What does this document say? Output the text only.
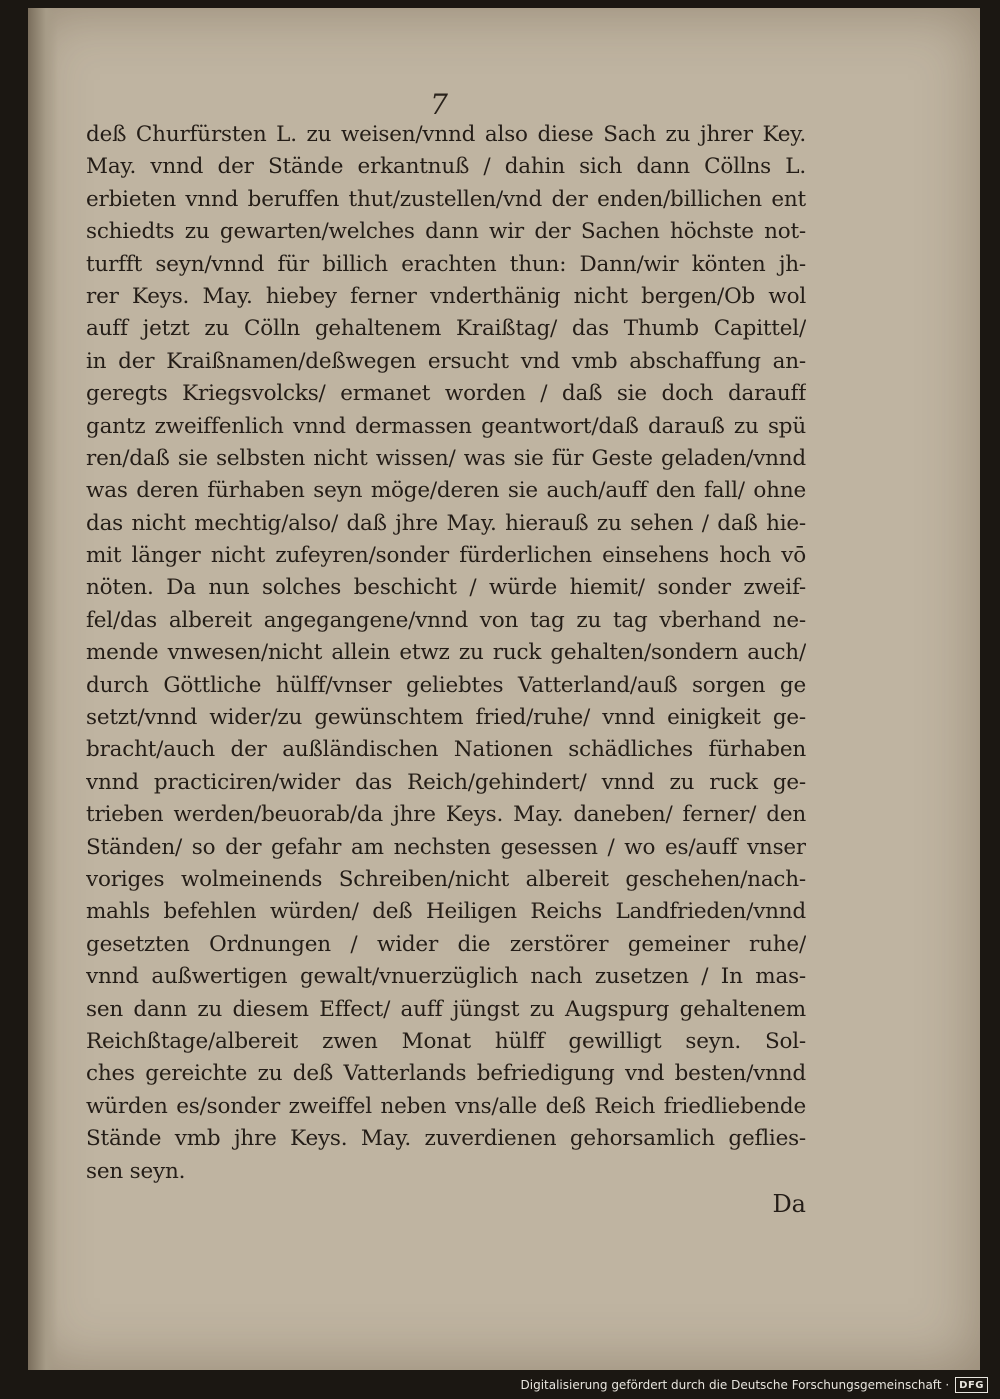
7
deß Churfürsten L. zu weisen/vnnd also diese Sach zu jhrer Key.
May. vnnd der Stände erkantnuß / dahin sich dann Cöllns L.
erbieten vnnd beruffen thut/zustellen/vnd der enden/billichen ent
schiedts zu gewarten/welches dann wir der Sachen höchste not-
turfft seyn/vnnd für billich erachten thun: Dann/wir könten jh-
rer Keys. May. hiebey ferner vnderthänig nicht bergen/Ob wol
auff jetzt zu Cölln gehaltenem Kraißtag/ das Thumb Capittel/
in der Kraißnamen/deßwegen ersucht vnd vmb abschaffung an-
geregts Kriegsvolcks/ ermanet worden / daß sie doch darauff
gantz zweiffenlich vnnd dermassen geantwort/daß darauß zu spü
ren/daß sie selbsten nicht wissen/ was sie für Geste geladen/vnnd
was deren fürhaben seyn möge/deren sie auch/auff den fall/ ohne
das nicht mechtig/also/ daß jhre May. hierauß zu sehen / daß hie-
mit länger nicht zufeyren/sonder fürderlichen einsehens hoch vō
nöten. Da nun solches beschicht / würde hiemit/ sonder zweif-
fel/das albereit angegangene/vnnd von tag zu tag vberhand ne-
mende vnwesen/nicht allein etwz zu ruck gehalten/sondern auch/
durch Göttliche hülff/vnser geliebtes Vatterland/auß sorgen ge
setzt/vnnd wider/zu gewünschtem fried/ruhe/ vnnd einigkeit ge-
bracht/auch der außländischen Nationen schädliches fürhaben
vnnd practiciren/wider das Reich/gehindert/ vnnd zu ruck ge-
trieben werden/beuorab/da jhre Keys. May. daneben/ ferner/ den
Ständen/ so der gefahr am nechsten gesessen / wo es/auff vnser
voriges wolmeinends Schreiben/nicht albereit geschehen/nach-
mahls befehlen würden/ deß Heiligen Reichs Landfrieden/vnnd
gesetzten Ordnungen / wider die zerstörer gemeiner ruhe/
vnnd außwertigen gewalt/vnuerzüglich nach zusetzen / In mas-
sen dann zu diesem Effect/ auff jüngst zu Augspurg gehaltenem
Reichßtage/albereit zwen Monat hülff gewilligt seyn. Sol-
ches gereichte zu deß Vatterlands befriedigung vnd besten/vnnd
würden es/sonder zweiffel neben vns/alle deß Reich friedliebende
Stände vmb jhre Keys. May. zuverdienen gehorsamlich geflies-
sen seyn.
Da
Digitalisierung gefördert durch die Deutsche Forschungsgemeinschaft ·	DFG
